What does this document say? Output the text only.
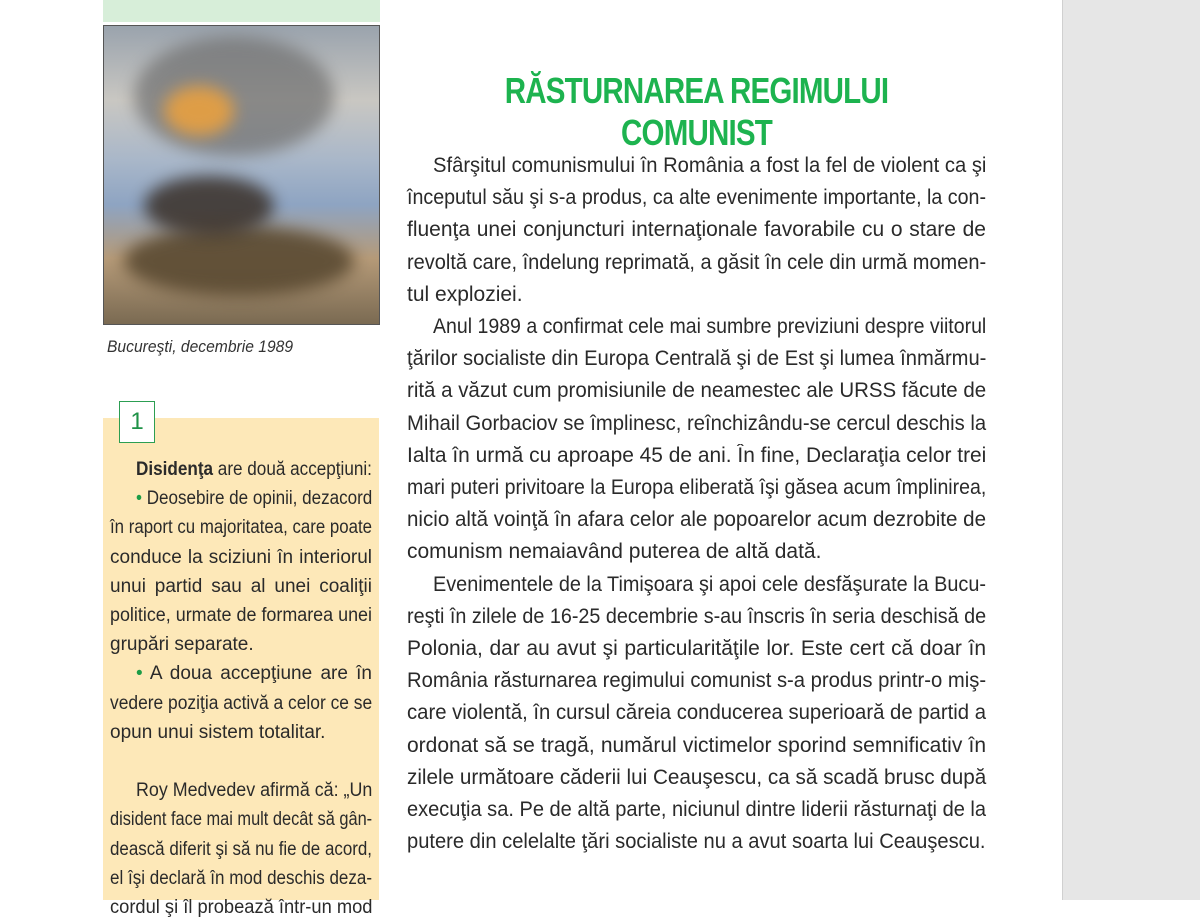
Bucureşti, decembrie 1989
1
Disidenţa are două accepţiuni:
• Deosebire de opinii, dezacord
în raport cu majoritatea, care poate
conduce la sciziuni în interiorul
unui partid sau al unei coaliţii
politice, urmate de formarea unei
grupări separate.
• A doua accepţiune are în
vedere poziţia activă a celor ce se
opun unui sistem totalitar.

Roy Medvedev afirmă că: „Un
disident face mai mult decât să gân-
dească diferit şi să nu fie de acord,
el îşi declară în mod deschis deza-
cordul şi îl probează într-un mod
RĂSTURNAREA REGIMULUI COMUNIST
Sfârşitul comunismului în România a fost la fel de violent ca şi
începutul său şi s-a produs, ca alte evenimente importante, la con-
fluenţa unei conjuncturi internaţionale favorabile cu o stare de
revoltă care, îndelung reprimată, a găsit în cele din urmă momen-
tul exploziei.
Anul 1989 a confirmat cele mai sumbre previziuni despre viitorul
ţărilor socialiste din Europa Centrală şi de Est şi lumea înmărmu-
rită a văzut cum promisiunile de neamestec ale URSS făcute de
Mihail Gorbaciov se împlinesc, reînchizându-se cercul deschis la
Ialta în urmă cu aproape 45 de ani. În fine, Declaraţia celor trei
mari puteri privitoare la Europa eliberată îşi găsea acum împlinirea,
nicio altă voinţă în afara celor ale popoarelor acum dezrobite de
comunism nemaiavând puterea de altă dată.
Evenimentele de la Timişoara şi apoi cele desfăşurate la Bucu-
reşti în zilele de 16-25 decembrie s-au înscris în seria deschisă de
Polonia, dar au avut şi particularităţile lor. Este cert că doar în
România răsturnarea regimului comunist s-a produs printr-o miş-
care violentă, în cursul căreia conducerea superioară de partid a
ordonat să se tragă, numărul victimelor sporind semnificativ în
zilele următoare căderii lui Ceauşescu, ca să scadă brusc după
execuţia sa. Pe de altă parte, niciunul dintre liderii răsturnaţi de la
putere din celelalte ţări socialiste nu a avut soarta lui Ceauşescu.
